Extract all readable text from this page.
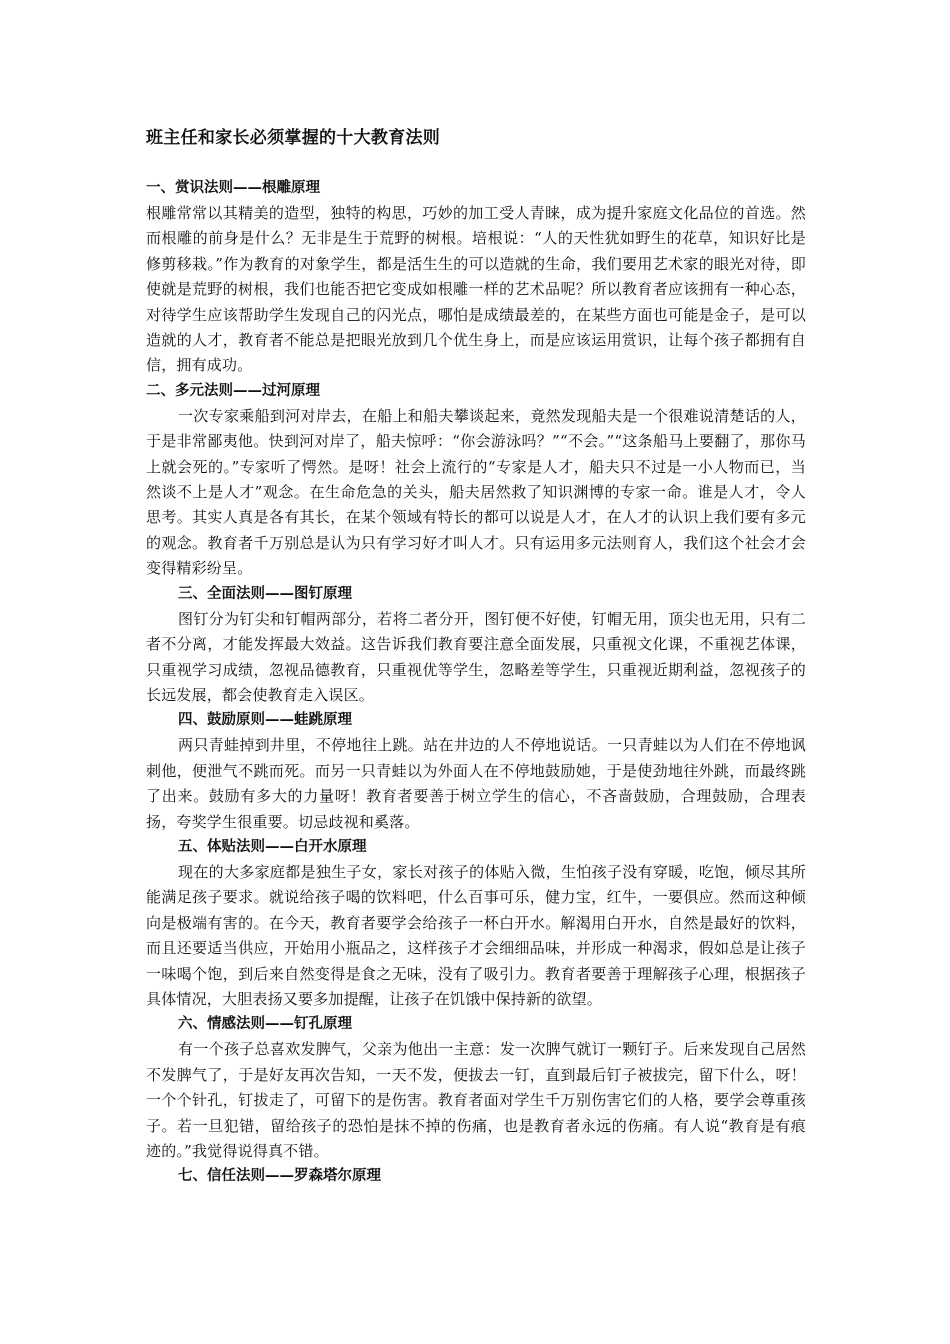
班主任和家长必须掌握的十大教育法则
一、赏识法则——根雕原理

根雕常常以其精美的造型，独特的构思，巧妙的加工受人青睐，成为提升家庭文化品位的首选。然而根雕的前身是什么？无非是生于荒野的树根。培根说：“人的天性犹如野生的花草，知识好比是修剪移栽。”作为教育的对象学生，都是活生生的可以造就的生命，我们要用艺术家的眼光对待，即使就是荒野的树根，我们也能否把它变成如根雕一样的艺术品呢？所以教育者应该拥有一种心态，对待学生应该帮助学生发现自己的闪光点，哪怕是成绩最差的，在某些方面也可能是金子，是可以造就的人才，教育者不能总是把眼光放到几个优生身上，而是应该运用赏识，让每个孩子都拥有自信，拥有成功。

二、多元法则——过河原理

一次专家乘船到河对岸去，在船上和船夫攀谈起来，竟然发现船夫是一个很难说清楚话的人，于是非常鄙夷他。快到河对岸了，船夫惊呼：“你会游泳吗？”“不会。”“这条船马上要翻了，那你马上就会死的。”专家听了愕然。是呀！社会上流行的“专家是人才，船夫只不过是一小人物而已，当然谈不上是人才”观念。在生命危急的关头，船夫居然救了知识渊博的专家一命。谁是人才，令人思考。其实人真是各有其长，在某个领域有特长的都可以说是人才，在人才的认识上我们要有多元的观念。教育者千万别总是认为只有学习好才叫人才。只有运用多元法则育人，我们这个社会才会变得精彩纷呈。

三、全面法则——图钉原理

图钉分为钉尖和钉帽两部分，若将二者分开，图钉便不好使，钉帽无用，顶尖也无用，只有二者不分离，才能发挥最大效益。这告诉我们教育要注意全面发展，只重视文化课，不重视艺体课，只重视学习成绩，忽视品德教育，只重视优等学生，忽略差等学生，只重视近期利益，忽视孩子的长远发展，都会使教育走入误区。

四、鼓励原则——蛙跳原理

两只青蛙掉到井里，不停地往上跳。站在井边的人不停地说话。一只青蛙以为人们在不停地讽刺他，便泄气不跳而死。而另一只青蛙以为外面人在不停地鼓励她，于是使劲地往外跳，而最终跳了出来。鼓励有多大的力量呀！教育者要善于树立学生的信心，不吝啬鼓励，合理鼓励，合理表扬，夸奖学生很重要。切忌歧视和奚落。

五、体贴法则——白开水原理

现在的大多家庭都是独生子女，家长对孩子的体贴入微，生怕孩子没有穿暖，吃饱，倾尽其所能满足孩子要求。就说给孩子喝的饮料吧，什么百事可乐，健力宝，红牛，一要俱应。然而这种倾向是极端有害的。在今天，教育者要学会给孩子一杯白开水。解渴用白开水，自然是最好的饮料，而且还要适当供应，开始用小瓶品之，这样孩子才会细细品味，并形成一种渴求，假如总是让孩子一味喝个饱，到后来自然变得是食之无味，没有了吸引力。教育者要善于理解孩子心理，根据孩子具体情况，大胆表扬又要多加提醒，让孩子在饥饿中保持新的欲望。

六、情感法则——钉孔原理

有一个孩子总喜欢发脾气，父亲为他出一主意：发一次脾气就订一颗钉子。后来发现自己居然不发脾气了，于是好友再次告知，一天不发，便拔去一钉，直到最后钉子被拔完，留下什么，呀！一个个针孔，钉拔走了，可留下的是伤害。教育者面对学生千万别伤害它们的人格，要学会尊重孩子。若一旦犯错，留给孩子的恐怕是抹不掉的伤痛，也是教育者永远的伤痛。有人说“教育是有痕迹的。”我觉得说得真不错。

七、信任法则——罗森塔尔原理
